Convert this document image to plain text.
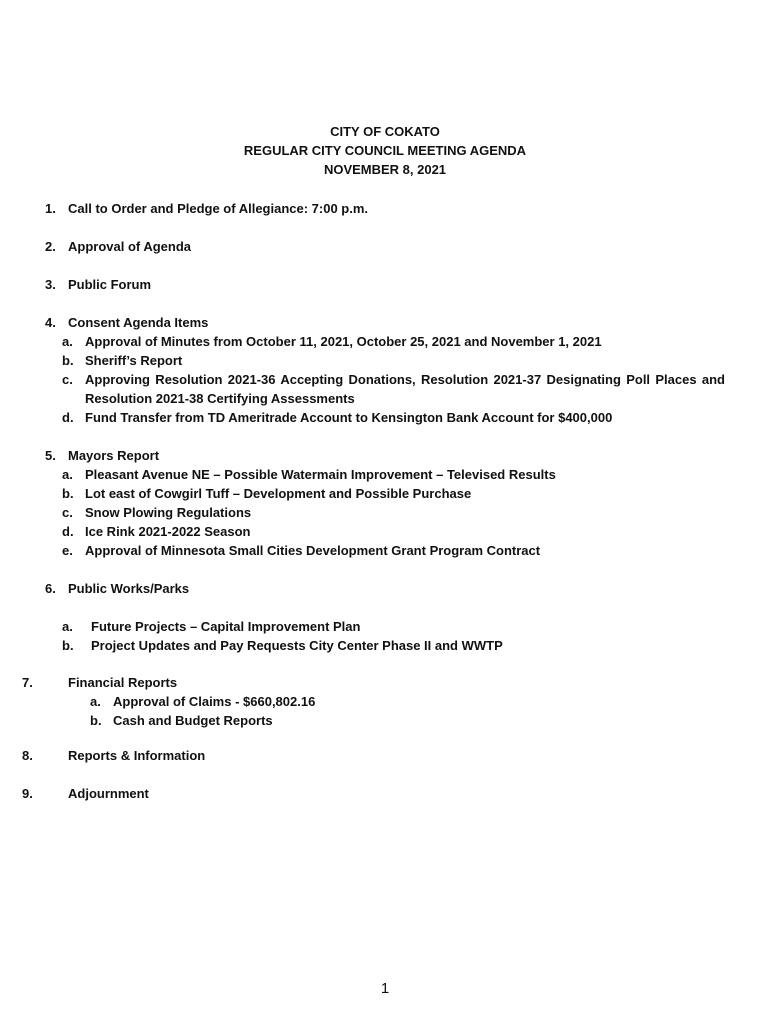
CITY OF COKATO
REGULAR CITY COUNCIL MEETING AGENDA
NOVEMBER 8, 2021
1. Call to Order and Pledge of Allegiance: 7:00 p.m.
2. Approval of Agenda
3. Public Forum
4. Consent Agenda Items
a. Approval of Minutes from October 11, 2021, October 25, 2021 and November 1, 2021
b. Sheriff’s Report
c. Approving Resolution 2021-36 Accepting Donations, Resolution 2021-37 Designating Poll Places and
Resolution 2021-38 Certifying Assessments
d. Fund Transfer from TD Ameritrade Account to Kensington Bank Account for $400,000
5. Mayors Report
a. Pleasant Avenue NE – Possible Watermain Improvement – Televised Results
b. Lot east of Cowgirl Tuff – Development and Possible Purchase
c. Snow Plowing Regulations
d. Ice Rink 2021-2022 Season
e. Approval of Minnesota Small Cities Development Grant Program Contract
6. Public Works/Parks
a. Future Projects – Capital Improvement Plan
b. Project Updates and Pay Requests City Center Phase II and WWTP
7.	Financial Reports
a. Approval of Claims - $660,802.16
b. Cash and Budget Reports
8.	Reports & Information
9.	Adjournment
1
